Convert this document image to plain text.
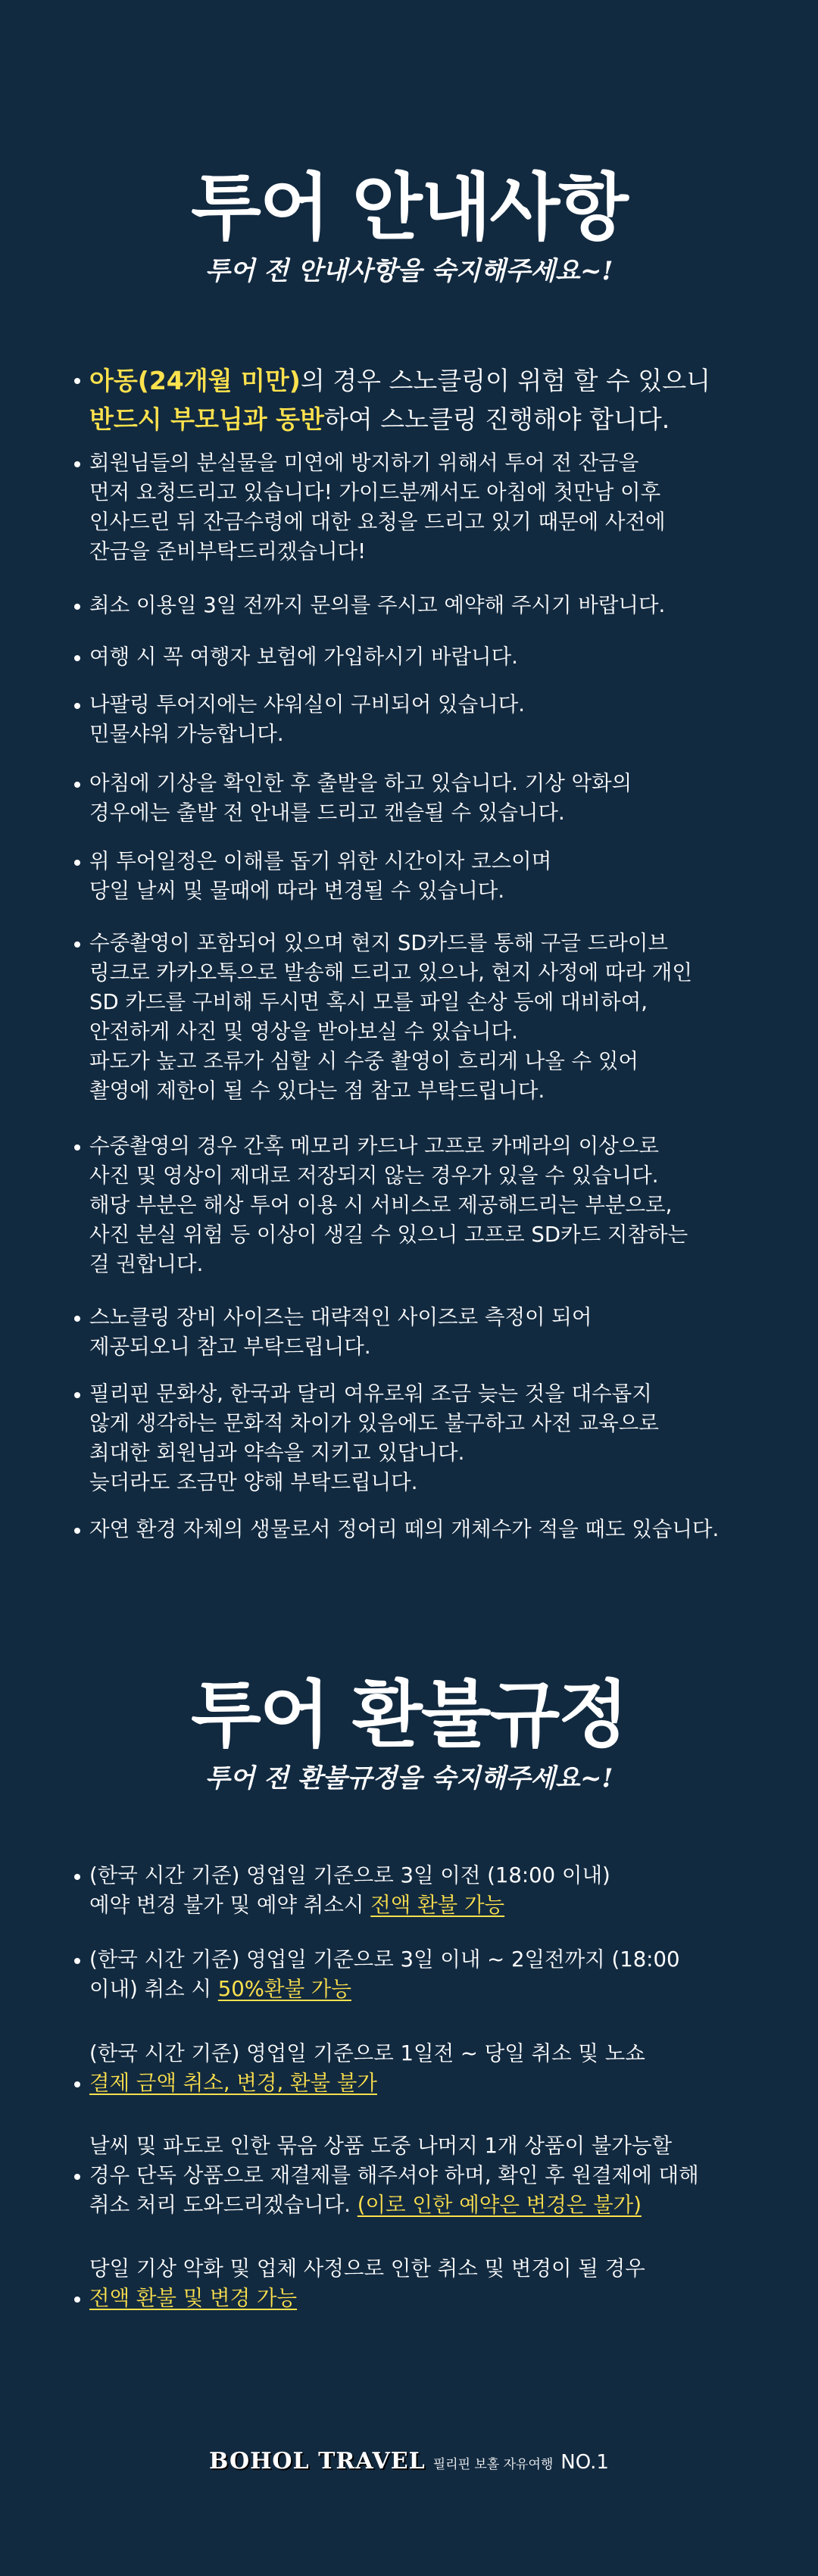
투어 안내사항
투어 전 안내사항을 숙지해주세요~!
아동(24개월 미만)의 경우 스노클링이 위험 할 수 있으니
반드시 부모님과 동반하여 스노클링 진행해야 합니다.
회원님들의 분실물을 미연에 방지하기 위해서 투어 전 잔금을
먼저 요청드리고 있습니다! 가이드분께서도 아침에 첫만남 이후
인사드린 뒤 잔금수령에 대한 요청을 드리고 있기 때문에 사전에
잔금을 준비부탁드리겠습니다!
최소 이용일 3일 전까지 문의를 주시고 예약해 주시기 바랍니다.
여행 시 꼭 여행자 보험에 가입하시기 바랍니다.
나팔링 투어지에는 샤워실이 구비되어 있습니다.
민물샤워 가능합니다.
아침에 기상을 확인한 후 출발을 하고 있습니다. 기상 악화의
경우에는 출발 전 안내를 드리고 캔슬될 수 있습니다.
위 투어일정은 이해를 돕기 위한 시간이자 코스이며
당일 날씨 및 물때에 따라 변경될 수 있습니다.
수중촬영이 포함되어 있으며 현지 SD카드를 통해 구글 드라이브
링크로 카카오톡으로 발송해 드리고 있으나, 현지 사정에 따라 개인
SD 카드를 구비해 두시면 혹시 모를 파일 손상 등에 대비하여,
안전하게 사진 및 영상을 받아보실 수 있습니다.
파도가 높고 조류가 심할 시 수중 촬영이 흐리게 나올 수 있어
촬영에 제한이 될 수 있다는 점 참고 부탁드립니다.
수중촬영의 경우 간혹 메모리 카드나 고프로 카메라의 이상으로
사진 및 영상이 제대로 저장되지 않는 경우가 있을 수 있습니다.
해당 부분은 해상 투어 이용 시 서비스로 제공해드리는 부분으로,
사진 분실 위험 등 이상이 생길 수 있으니 고프로 SD카드 지참하는
걸 권합니다.
스노클링 장비 사이즈는 대략적인 사이즈로 측정이 되어
제공되오니 참고 부탁드립니다.
필리핀 문화상, 한국과 달리 여유로워 조금 늦는 것을 대수롭지
않게 생각하는 문화적 차이가 있음에도 불구하고 사전 교육으로
최대한 회원님과 약속을 지키고 있답니다.
늦더라도 조금만 양해 부탁드립니다.
자연 환경 자체의 생물로서 정어리 떼의 개체수가 적을 때도 있습니다.
투어 환불규정
투어 전 환불규정을 숙지해주세요~!
(한국 시간 기준) 영업일 기준으로 3일 이전 (18:00 이내)
예약 변경 불가 및 예약 취소시 전액 환불 가능
(한국 시간 기준) 영업일 기준으로 3일 이내 ~ 2일전까지 (18:00
이내) 취소 시 50%환불 가능
(한국 시간 기준) 영업일 기준으로 1일전 ~ 당일 취소 및 노쇼
결제 금액 취소, 변경, 환불 불가
날씨 및 파도로 인한 묶음 상품 도중 나머지 1개 상품이 불가능할
경우 단독 상품으로 재결제를 해주셔야 하며, 확인 후 원결제에 대해
취소 처리 도와드리겠습니다. (이로 인한 예약은 변경은 불가)
당일 기상 악화 및 업체 사정으로 인한 취소 및 변경이 될 경우
전액 환불 및 변경 가능
BOHOL TRAVEL 필리핀 보홀 자유여행 NO.1
